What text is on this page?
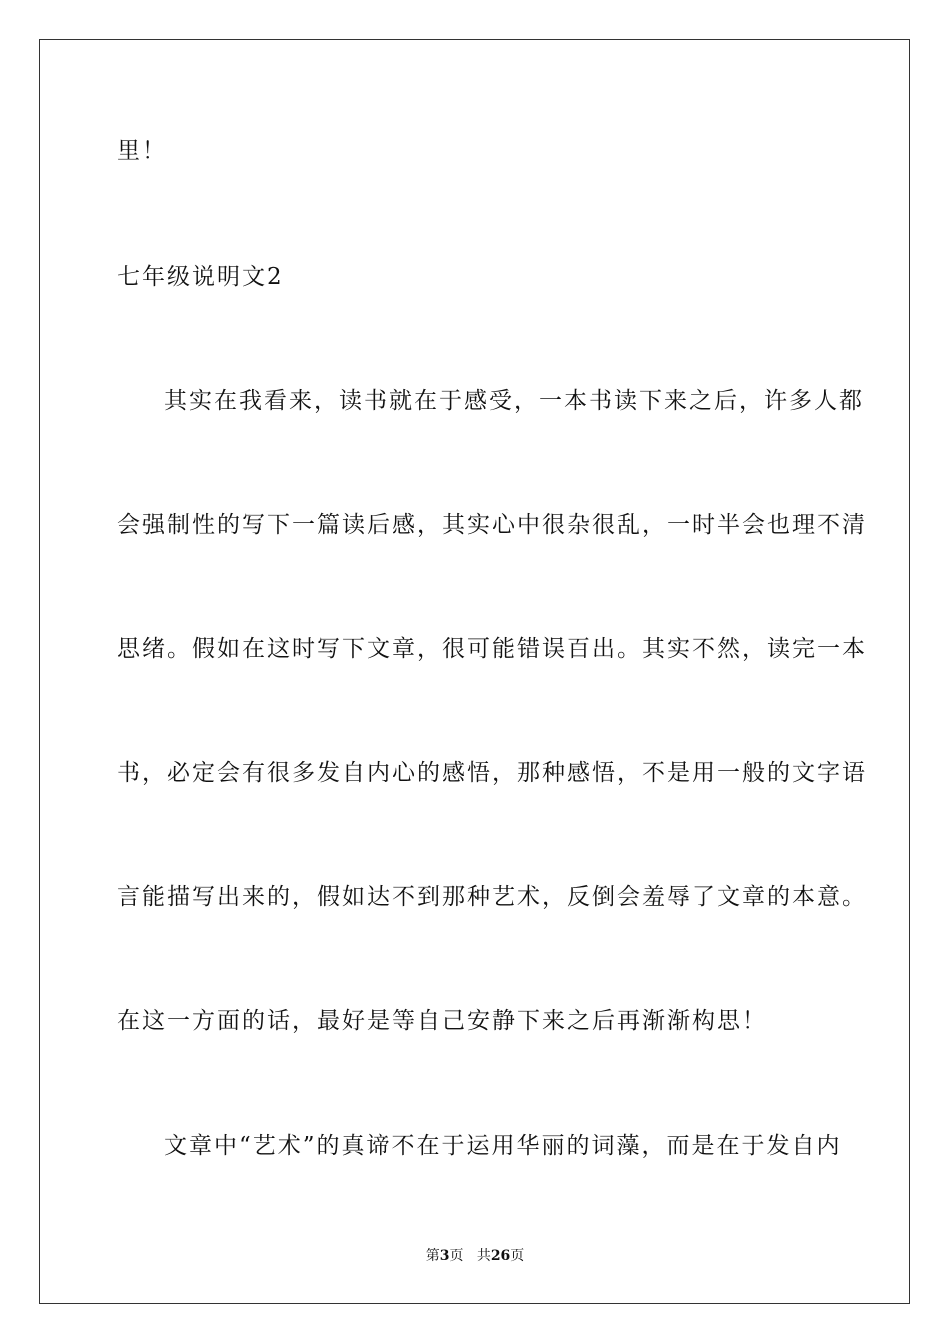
里！
七年级说明文2
其实在我看来，读书就在于感受，一本书读下来之后，许多人都
会强制性的写下一篇读后感，其实心中很杂很乱，一时半会也理不清
思绪。假如在这时写下文章，很可能错误百出。其实不然，读完一本
书，必定会有很多发自内心的感悟，那种感悟，不是用一般的文字语
言能描写出来的，假如达不到那种艺术，反倒会羞辱了文章的本意。
在这一方面的话，最好是等自己安静下来之后再渐渐构思！
文章中“艺术”的真谛不在于运用华丽的词藻，而是在于发自内
第3页 共26页
